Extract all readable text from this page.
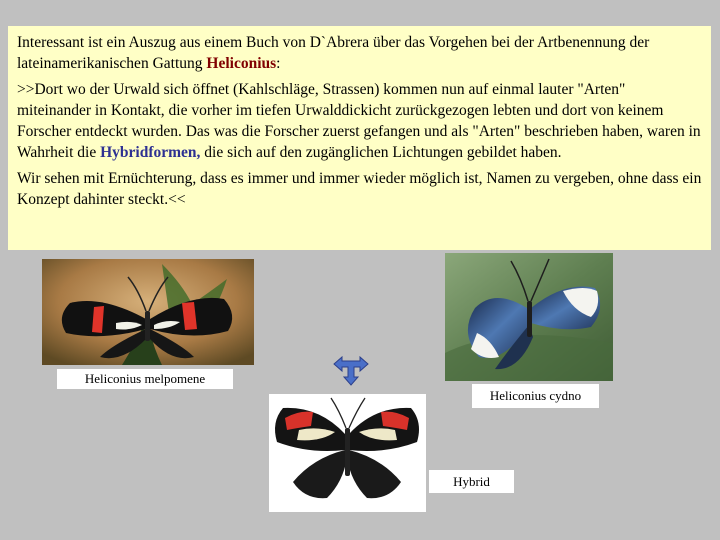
Interessant ist ein Auszug aus einem Buch von D`Abrera über das Vorgehen bei der Artbenennung der lateinamerikanischen Gattung Heliconius:

>>Dort wo der Urwald sich öffnet (Kahlschläge, Strassen) kommen nun auf einmal lauter "Arten" miteinander in Kontakt, die vorher im tiefen Urwalddickicht zurückgezogen lebten und dort von keinem Forscher entdeckt wurden. Das was die Forscher zuerst gefangen und als "Arten" beschrieben haben, waren in Wahrheit die Hybridformen, die sich auf den zugänglichen Lichtungen gebildet haben.

Wir sehen mit Ernüchterung, dass es immer und immer wieder möglich ist, Namen zu vergeben, ohne dass ein Konzept dahinter steckt.<<

Heliconius melpomene
Heliconius cydno
Hybrid
